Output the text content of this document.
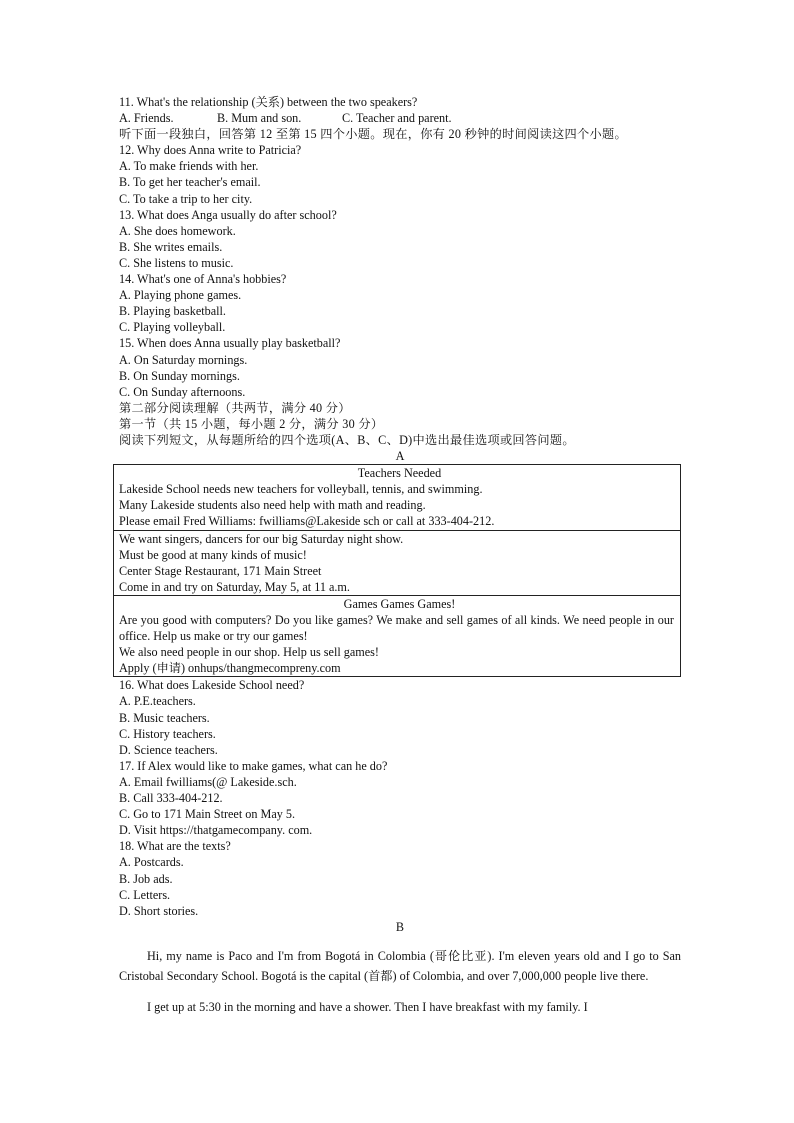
11. What's the relationship (关系) between the two speakers?

A. Friends.	B. Mum and son.	C. Teacher and parent.

听下面一段独白，回答第 12 至第 15 四个小题。现在，你有 20 秒钟的时间阅读这四个小题。

12. Why does Anna write to Patricia?

A. To make friends with her.

B. To get her teacher's email.

C. To take a trip to her city.

13. What does Anga usually do after school?

A. She does homework.

B. She writes emails.

C. She listens to music.

14. What's one of Anna's hobbies?

A. Playing phone games.

B. Playing basketball.

C. Playing volleyball.

15. When does Anna usually play basketball?

A. On Saturday mornings.

B. On Sunday mornings.

C. On Sunday afternoons.

第二部分阅读理解（共两节，满分 40 分）

第一节（共 15 小题，每小题 2 分，满分 30 分）

阅读下列短文，从每题所给的四个选项(A、B、C、D)中选出最佳选项或回答问题。

A

Teachers Needed

Lakeside School needs new teachers for volleyball, tennis, and swimming.

Many Lakeside students also need help with math and reading.

Please email Fred Williams: fwilliams@Lakeside sch or call at 333-404-212.

We want singers, dancers for our big Saturday night show.

Must be good at many kinds of music!

Center Stage Restaurant, 171 Main Street

Come in and try on Saturday, May 5, at 11 a.m.

Games Games Games!

Are you good with computers? Do you like games? We make and sell games of all kinds. We need people in our office. Help us make or try our games!

We also need people in our shop. Help us sell games!

Apply (申请) onhups/thangmecompreny.com

16. What does Lakeside School need?

A. P.E.teachers.

B. Music teachers.

C. History teachers.

D. Science teachers.

17. If Alex would like to make games, what can he do?

A. Email fwilliams(@ Lakeside.sch.

B. Call 333-404-212.

C. Go to 171 Main Street on May 5.

D. Visit https://thatgamecompany. com.

18. What are the texts?

A. Postcards.

B. Job ads.

C. Letters.

D. Short stories.

B

Hi, my name is Paco and I'm from Bogotá in Colombia (哥伦比亚). I'm eleven years old and I go to San Cristobal Secondary School. Bogotá is the capital (首都) of Colombia, and over 7,000,000 people live there.

I get up at 5:30 in the morning and have a shower. Then I have breakfast with my family. I
